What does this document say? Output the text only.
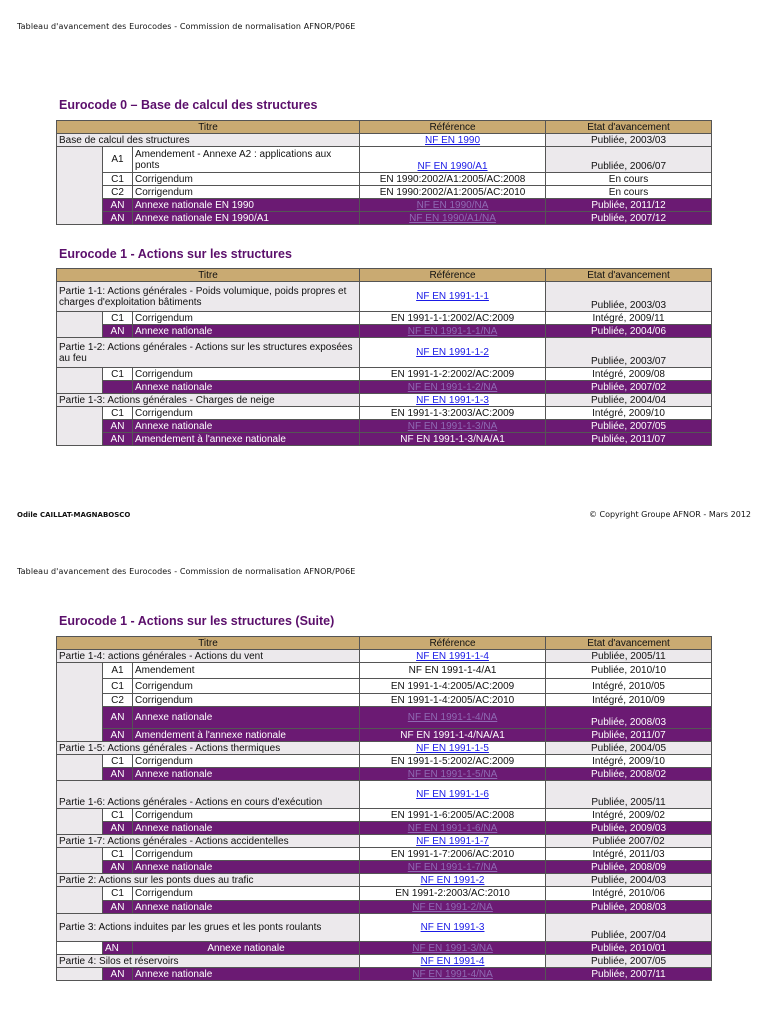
Tableau d'avancement des Eurocodes - Commission de normalisation AFNOR/P06E
Eurocode 0 – Base de calcul des structures
Titre			Référence	Etat d'avancement
Base de calcul des structures			NF EN 1990	Publiée, 2003/03
	A1	Amendement - Annexe A2 : applications aux ponts	NF EN 1990/A1	Publiée, 2006/07
	C1	Corrigendum	EN 1990:2002/A1:2005/AC:2008	En cours
	C2	Corrigendum	EN 1990:2002/A1:2005/AC:2010	En cours
	AN	Annexe nationale EN 1990	NF EN 1990/NA	Publiée, 2011/12
	AN	Annexe nationale EN 1990/A1	NF EN 1990/A1/NA	Publiée, 2007/12
Eurocode 1 - Actions sur les structures
Titre			Référence	Etat d'avancement
Partie 1-1: Actions générales - Poids volumique, poids propres et charges d'exploitation bâtiments			NF EN 1991-1-1	Publiée, 2003/03
	C1	Corrigendum	EN 1991-1-1:2002/AC:2009	Intégré, 2009/11
	AN	Annexe nationale	NF EN 1991-1-1/NA	Publiée, 2004/06
Partie 1-2: Actions générales - Actions sur les structures exposées au feu			NF EN 1991-1-2	Publiée, 2003/07
	C1	Corrigendum	EN 1991-1-2:2002/AC:2009	Intégré, 2009/08
		Annexe nationale	NF EN 1991-1-2/NA	Publiée, 2007/02
Partie 1-3: Actions générales - Charges de neige			NF EN 1991-1-3	Publiée, 2004/04
	C1	Corrigendum	EN 1991-1-3:2003/AC:2009	Intégré, 2009/10
	AN	Annexe nationale	NF EN 1991-1-3/NA	Publiée, 2007/05
	AN	Amendement à l'annexe nationale	NF EN 1991-1-3/NA/A1	Publiée, 2011/07
Odile CAILLAT-MAGNABOSCO	© Copyright Groupe AFNOR - Mars 2012
Tableau d'avancement des Eurocodes - Commission de normalisation AFNOR/P06E
Eurocode 1 - Actions sur les structures (Suite)
Titre			Référence	Etat d'avancement
Partie 1-4: actions générales - Actions du vent			NF EN 1991-1-4	Publiée, 2005/11
	A1	Amendement	NF EN 1991-1-4/A1	Publiée, 2010/10
	C1	Corrigendum	EN 1991-1-4:2005/AC:2009	Intégré, 2010/05
	C2	Corrigendum	EN 1991-1-4:2005/AC:2010	Intégré, 2010/09
	AN	Annexe nationale	NF EN 1991-1-4/NA	Publiée, 2008/03
	AN	Amendement à l'annexe nationale	NF EN 1991-1-4/NA/A1	Publiée, 2011/07
Partie 1-5: Actions générales - Actions thermiques			NF EN 1991-1-5	Publiée, 2004/05
	C1	Corrigendum	EN 1991-1-5:2002/AC:2009	Intégré, 2009/10
	AN	Annexe nationale	NF EN 1991-1-5/NA	Publiée, 2008/02
Partie 1-6: Actions générales - Actions en cours d'exécution			NF EN 1991-1-6	Publiée, 2005/11
	C1	Corrigendum	EN 1991-1-6:2005/AC:2008	Intégré, 2009/02
	AN	Annexe nationale	NF EN 1991-1-6/NA	Publiée, 2009/03
Partie 1-7: Actions générales - Actions accidentelles			NF EN 1991-1-7	Publiée 2007/02
	C1	Corrigendum	EN 1991-1-7:2006/AC:2010	Intégré, 2011/03
	AN	Annexe nationale	NF EN 1991-1-7/NA	Publiée, 2008/09
Partie 2: Actions sur les ponts dues au trafic			NF EN 1991-2	Publiée, 2004/03
	C1	Corrigendum	EN 1991-2:2003/AC:2010	Intégré, 2010/06
	AN	Annexe nationale	NF EN 1991-2/NA	Publiée, 2008/03
Partie 3: Actions induites par les grues et les ponts roulants			NF EN 1991-3	Publiée, 2007/04
	AN	Annexe nationale	NF EN 1991-3/NA	Publiée, 2010/01
Partie 4: Silos et réservoirs			NF EN 1991-4	Publiée, 2007/05
	AN	Annexe nationale	NF EN 1991-4/NA	Publiée, 2007/11
